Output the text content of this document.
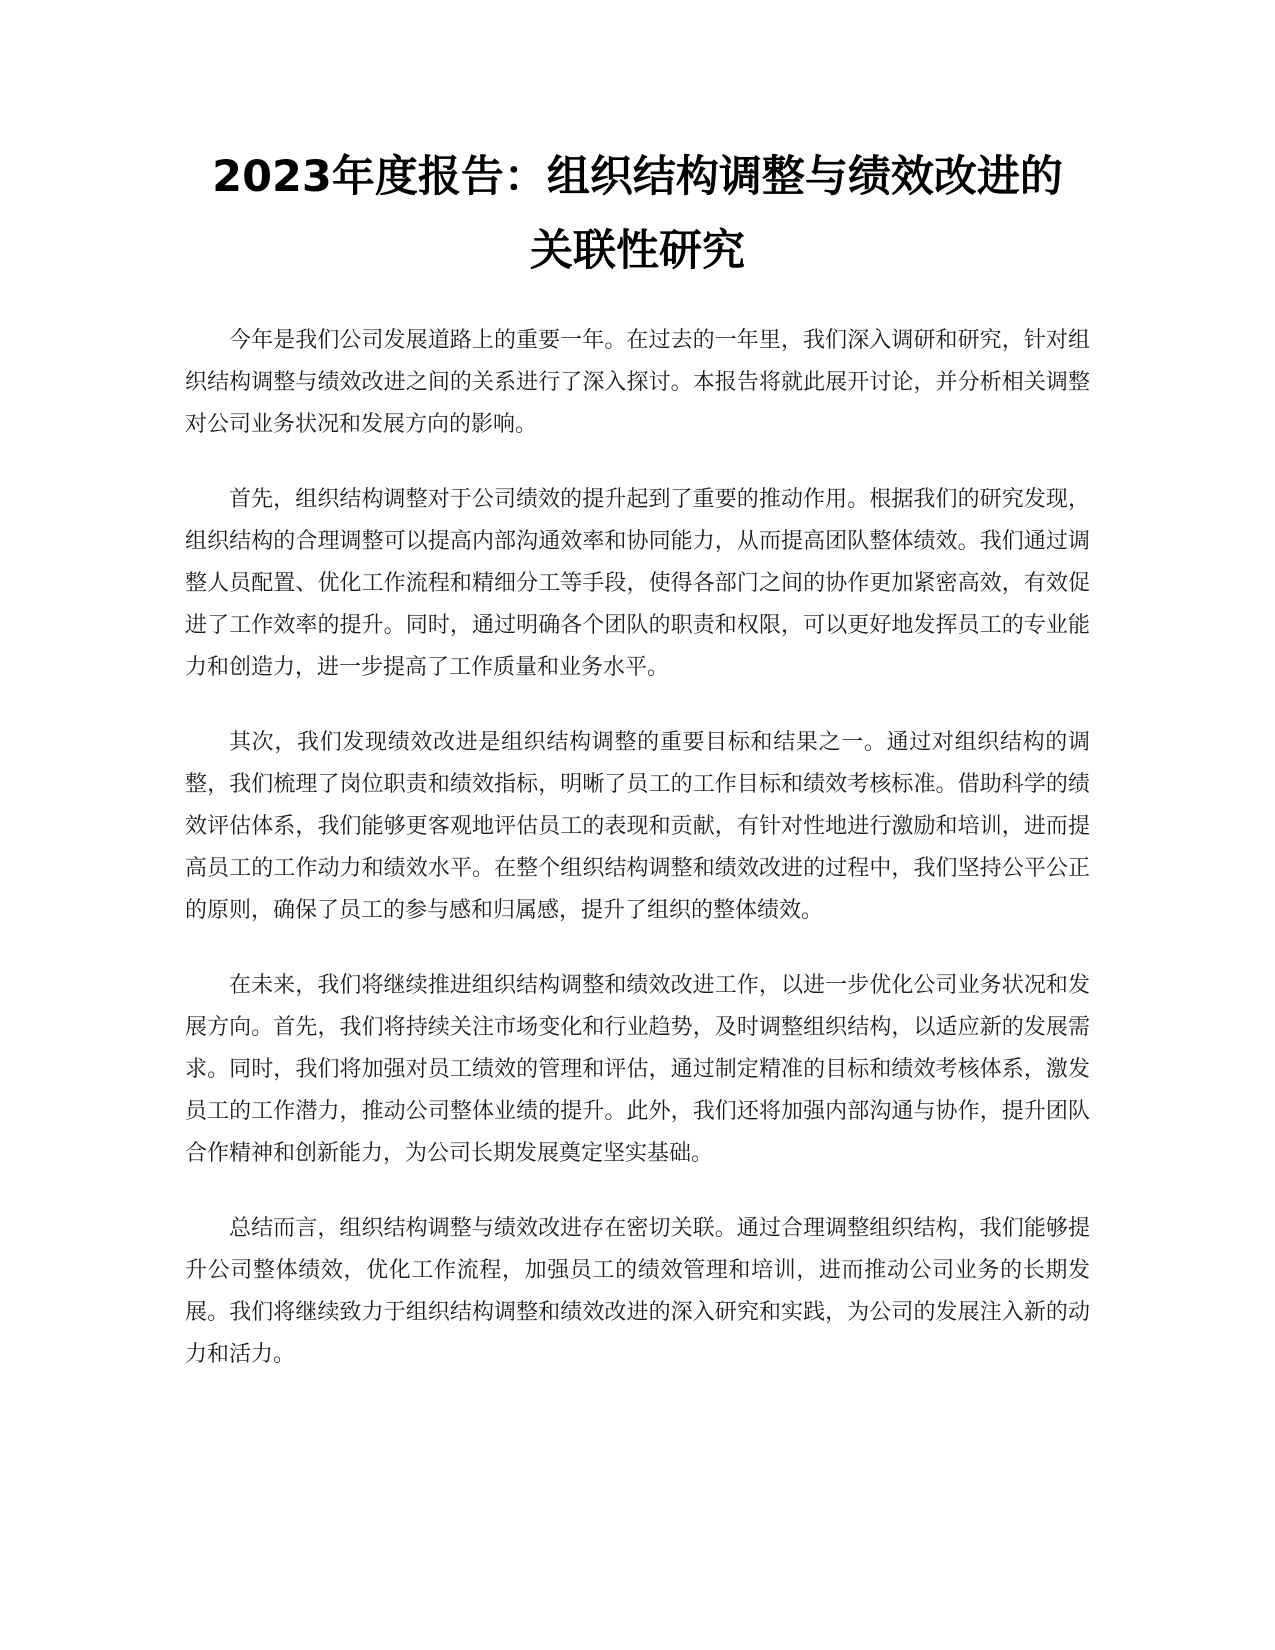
2023年度报告：组织结构调整与绩效改进的
关联性研究

今年是我们公司发展道路上的重要一年。在过去的一年里，我们深入调研和研究，针对组织结构调整与绩效改进之间的关系进行了深入探讨。本报告将就此展开讨论，并分析相关调整对公司业务状况和发展方向的影响。

首先，组织结构调整对于公司绩效的提升起到了重要的推动作用。根据我们的研究发现，组织结构的合理调整可以提高内部沟通效率和协同能力，从而提高团队整体绩效。我们通过调整人员配置、优化工作流程和精细分工等手段，使得各部门之间的协作更加紧密高效，有效促进了工作效率的提升。同时，通过明确各个团队的职责和权限，可以更好地发挥员工的专业能力和创造力，进一步提高了工作质量和业务水平。

其次，我们发现绩效改进是组织结构调整的重要目标和结果之一。通过对组织结构的调整，我们梳理了岗位职责和绩效指标，明晰了员工的工作目标和绩效考核标准。借助科学的绩效评估体系，我们能够更客观地评估员工的表现和贡献，有针对性地进行激励和培训，进而提高员工的工作动力和绩效水平。在整个组织结构调整和绩效改进的过程中，我们坚持公平公正的原则，确保了员工的参与感和归属感，提升了组织的整体绩效。

在未来，我们将继续推进组织结构调整和绩效改进工作，以进一步优化公司业务状况和发展方向。首先，我们将持续关注市场变化和行业趋势，及时调整组织结构，以适应新的发展需求。同时，我们将加强对员工绩效的管理和评估，通过制定精准的目标和绩效考核体系，激发员工的工作潜力，推动公司整体业绩的提升。此外，我们还将加强内部沟通与协作，提升团队合作精神和创新能力，为公司长期发展奠定坚实基础。

总结而言，组织结构调整与绩效改进存在密切关联。通过合理调整组织结构，我们能够提升公司整体绩效，优化工作流程，加强员工的绩效管理和培训，进而推动公司业务的长期发展。我们将继续致力于组织结构调整和绩效改进的深入研究和实践，为公司的发展注入新的动力和活力。
